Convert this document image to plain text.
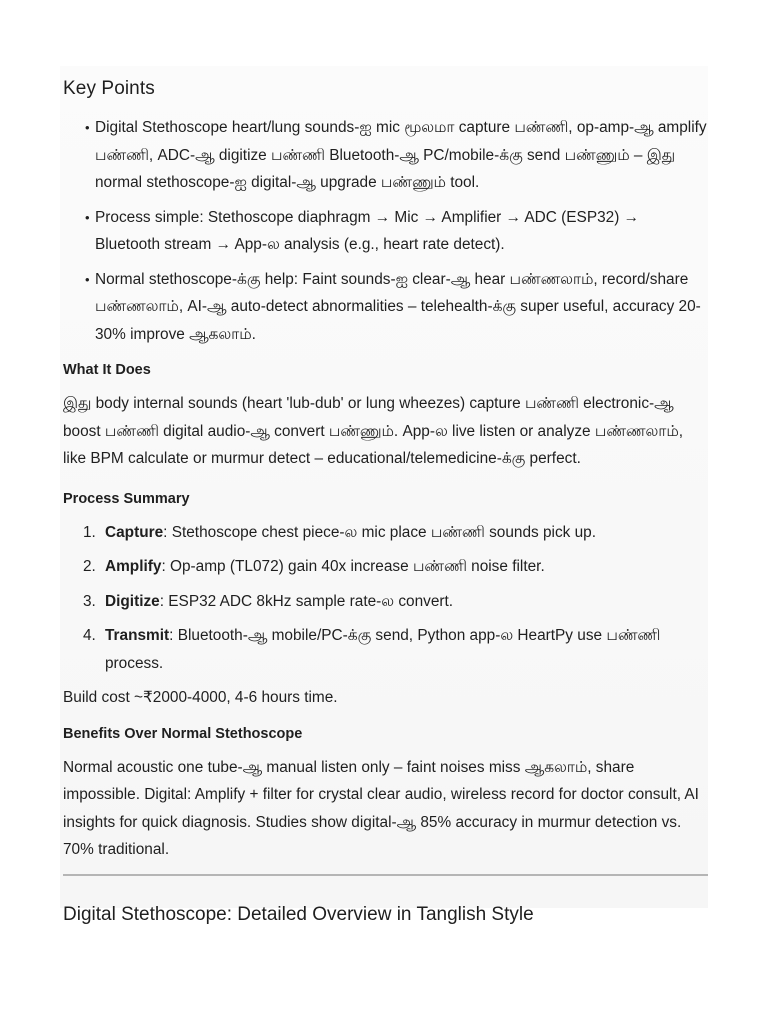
Key Points
• Digital Stethoscope heart/lung sounds-ஐ mic மூலமா capture பண்ணி, op-amp-ஆ amplify பண்ணி, ADC-ஆ digitize பண்ணி Bluetooth-ஆ PC/mobile-க்கு send பண்ணும் – இது normal stethoscope-ஐ digital-ஆ upgrade பண்ணும் tool.
• Process simple: Stethoscope diaphragm → Mic → Amplifier → ADC (ESP32) → Bluetooth stream → App-ல analysis (e.g., heart rate detect).
• Normal stethoscope-க்கு help: Faint sounds-ஐ clear-ஆ hear பண்ணலாம், record/share பண்ணலாம், AI-ஆ auto-detect abnormalities – telehealth-க்கு super useful, accuracy 20-30% improve ஆகலாம்.
What It Does

இது body internal sounds (heart 'lub-dub' or lung wheezes) capture பண்ணி electronic-ஆ boost பண்ணி digital audio-ஆ convert பண்ணும். App-ல live listen or analyze பண்ணலாம், like BPM calculate or murmur detect – educational/telemedicine-க்கு perfect.

Process Summary
1. Capture: Stethoscope chest piece-ல mic place பண்ணி sounds pick up.
2. Amplify: Op-amp (TL072) gain 40x increase பண்ணி noise filter.
3. Digitize: ESP32 ADC 8kHz sample rate-ல convert.
4. Transmit: Bluetooth-ஆ mobile/PC-க்கு send, Python app-ல HeartPy use பண்ணி process.

Build cost ~₹2000-4000, 4-6 hours time.

Benefits Over Normal Stethoscope

Normal acoustic one tube-ஆ manual listen only – faint noises miss ஆகலாம், share impossible. Digital: Amplify + filter for crystal clear audio, wireless record for doctor consult, AI insights for quick diagnosis. Studies show digital-ஆ 85% accuracy in murmur detection vs. 70% traditional.

Digital Stethoscope: Detailed Overview in Tanglish Style
